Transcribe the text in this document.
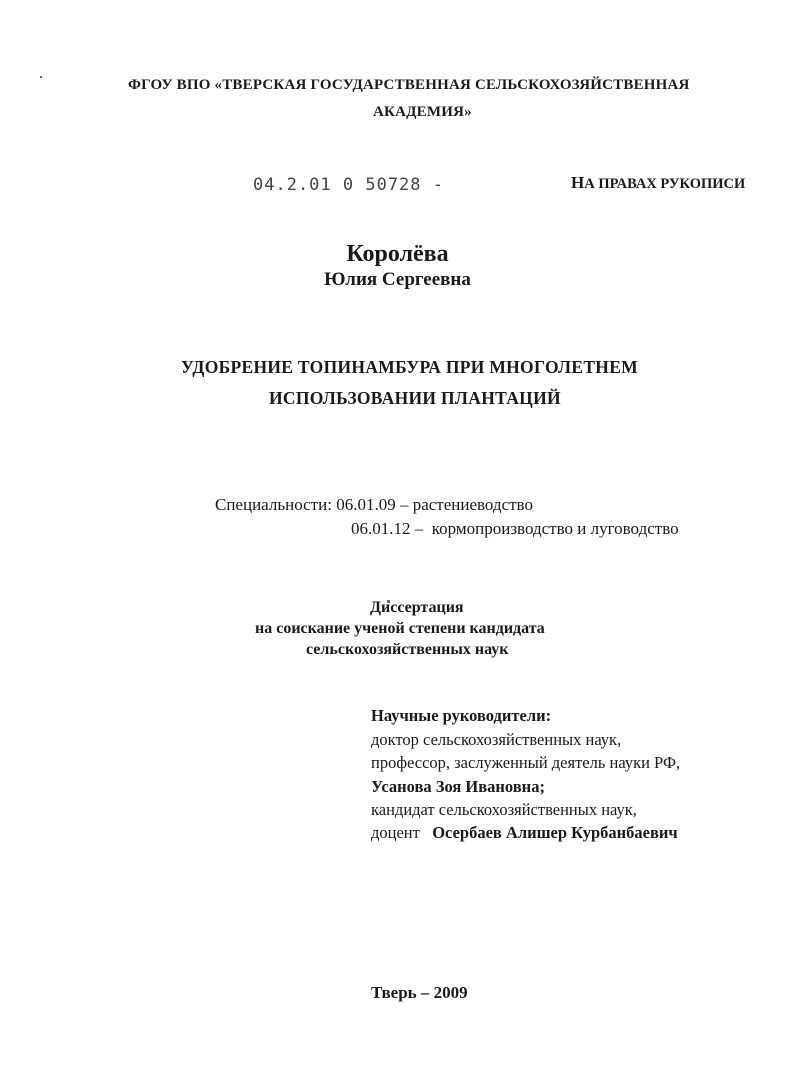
ФГОУ ВПО «ТВЕРСКАЯ ГОСУДАРСТВЕННАЯ СЕЛЬСКОХОЗЯЙСТВЕННАЯ
АКАДЕМИЯ»
04.2.01 0 50728 -	НА ПРАВАХ РУКОПИСИ
Королёва
Юлия Сергеевна
УДОБРЕНИЕ ТОПИНАМБУРА ПРИ МНОГОЛЕТНЕМ
ИСПОЛЬЗОВАНИИ ПЛАНТАЦИЙ
Специальности: 06.01.09 – растениеводство
06.01.12 – кормопроизводство и луговодство
Диссертация
на соискание ученой степени кандидата
сельскохозяйственных наук
Научные руководители:
доктор сельскохозяйственных наук,
профессор, заслуженный деятель науки РФ,
Усанова Зоя Ивановна;
кандидат сельскохозяйственных наук,
доцент Осербаев Алишер Курбанбаевич
Тверь – 2009
